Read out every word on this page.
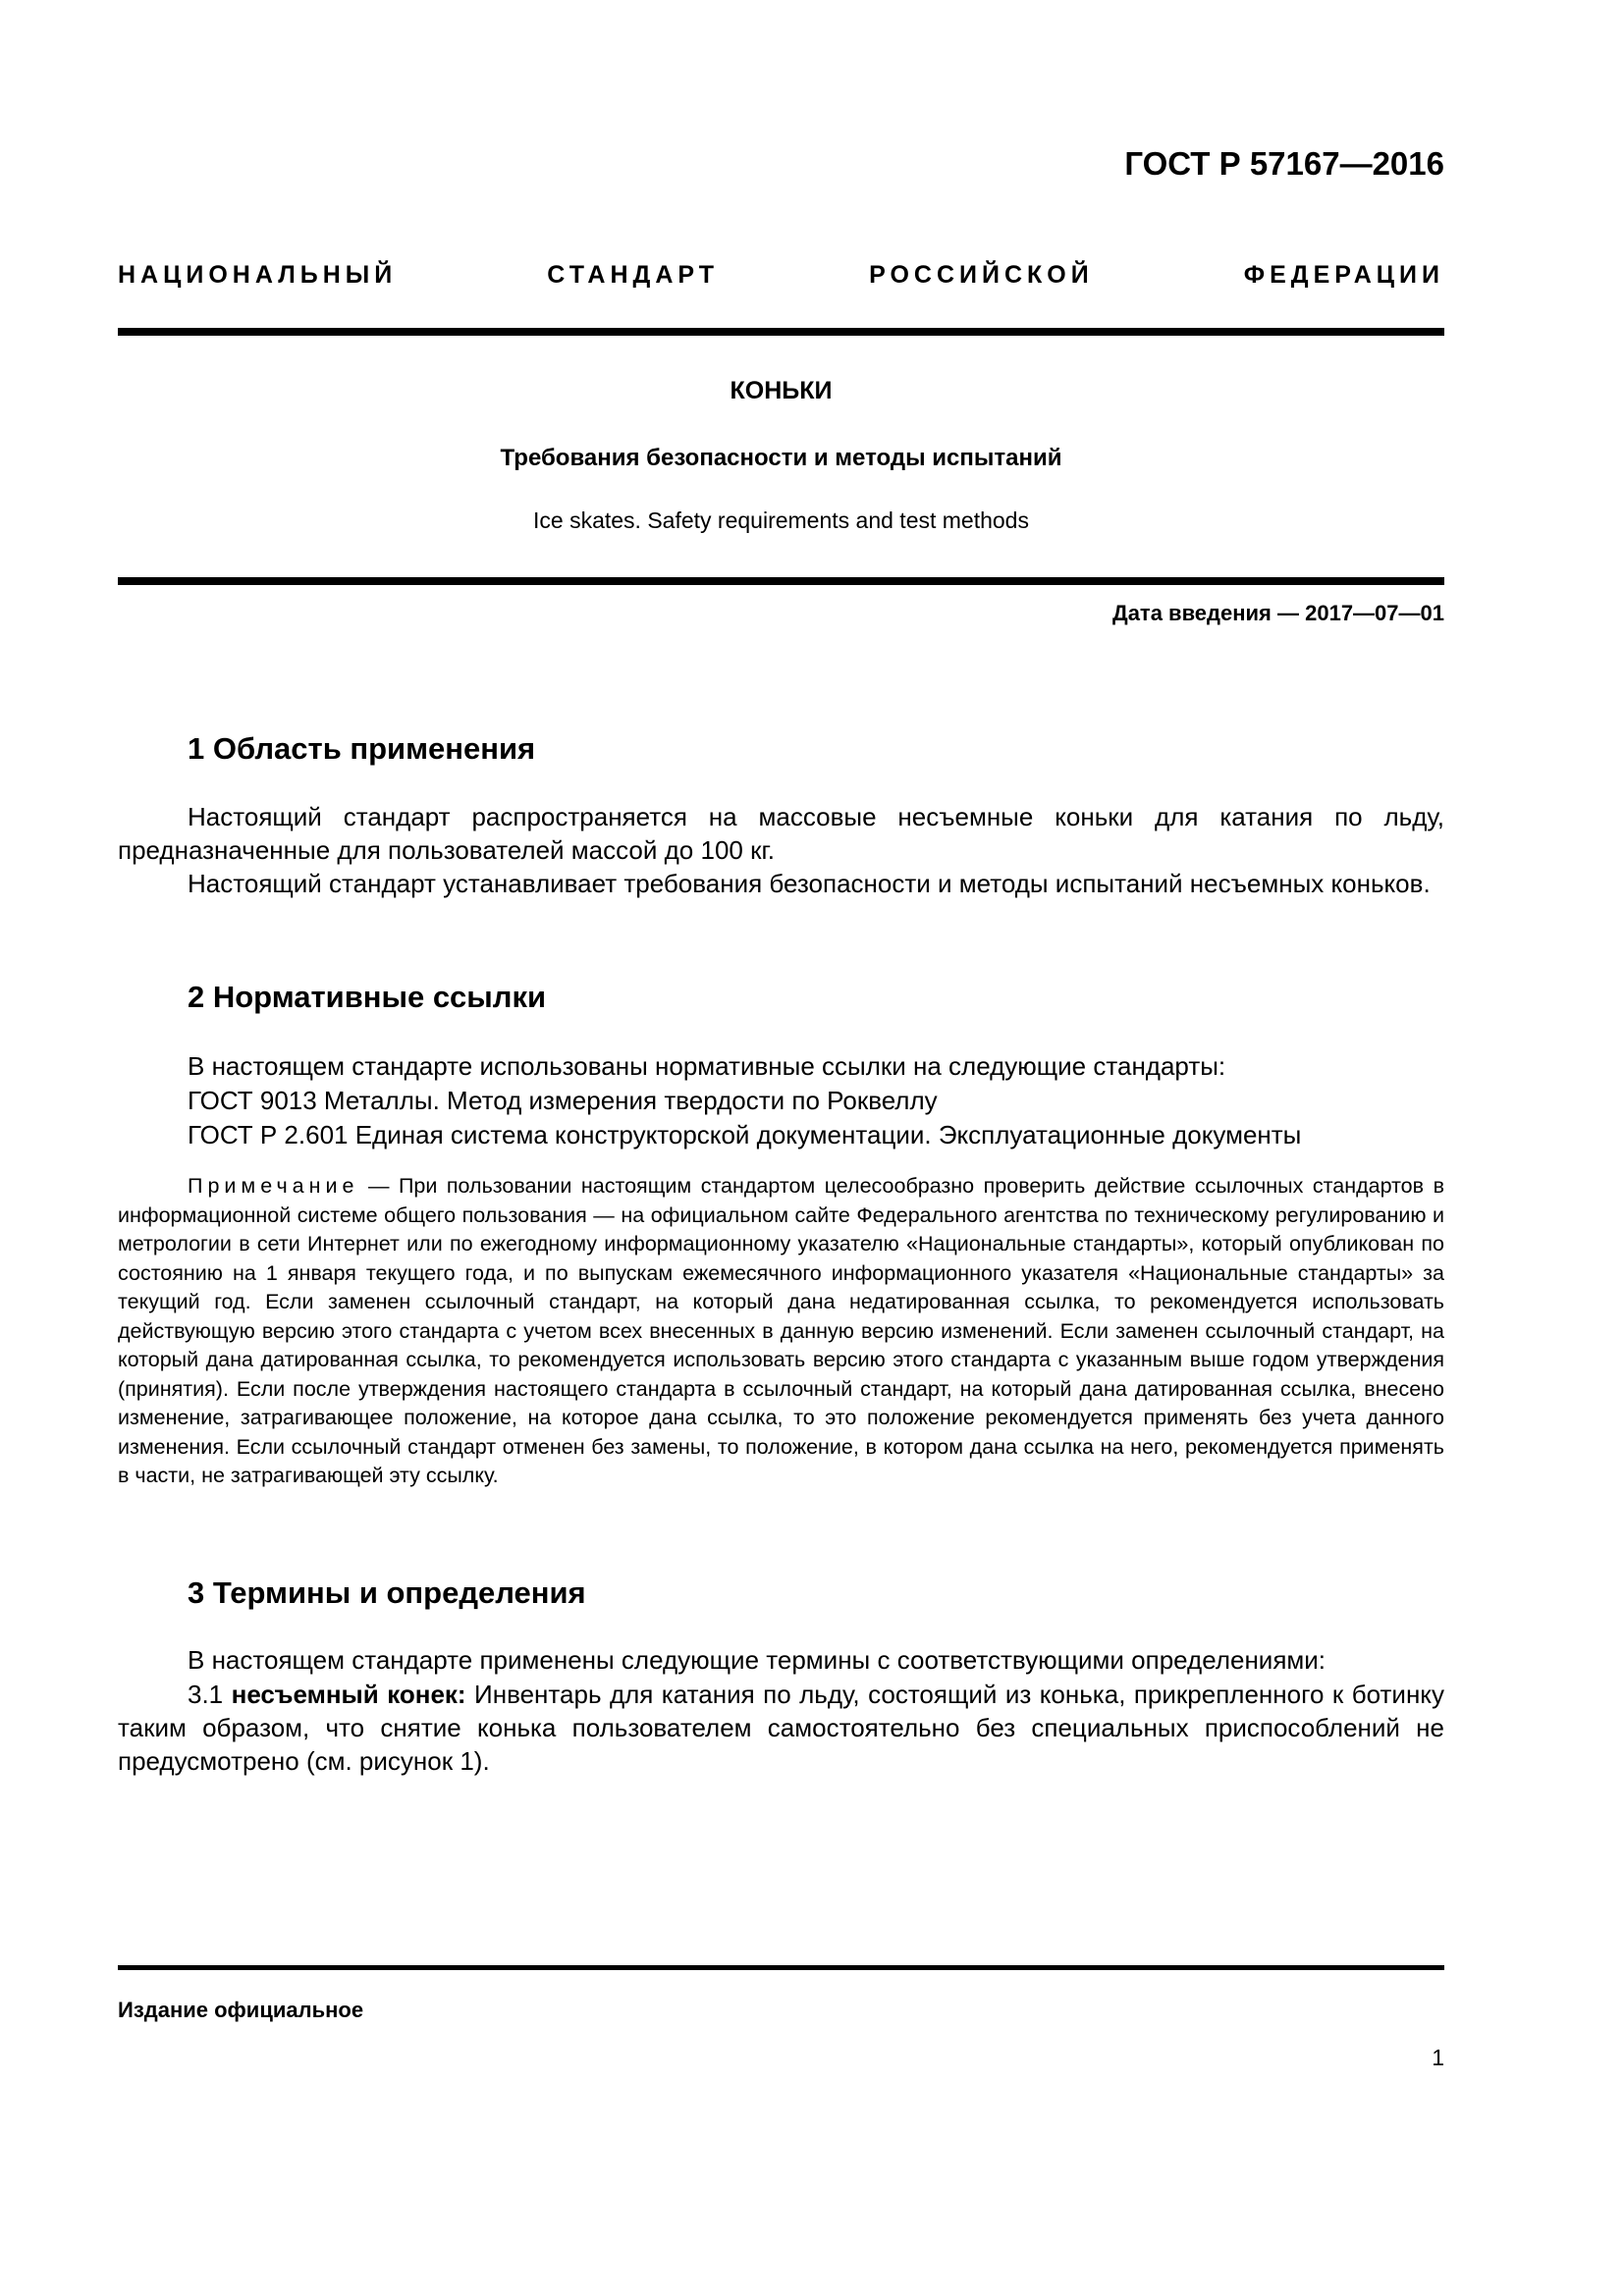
ГОСТ Р 57167—2016
НАЦИОНАЛЬНЫЙ СТАНДАРТ РОССИЙСКОЙ ФЕДЕРАЦИИ
КОНЬКИ
Требования безопасности и методы испытаний
Ice skates. Safety requirements and test methods
Дата введения — 2017—07—01
1 Область применения
Настоящий стандарт распространяется на массовые несъемные коньки для катания по льду, предназначенные для пользователей массой до 100 кг.
Настоящий стандарт устанавливает требования безопасности и методы испытаний несъемных коньков.
2 Нормативные ссылки
В настоящем стандарте использованы нормативные ссылки на следующие стандарты:
ГОСТ 9013 Металлы. Метод измерения твердости по Роквеллу
ГОСТ Р 2.601 Единая система конструкторской документации. Эксплуатационные документы
Примечание — При пользовании настоящим стандартом целесообразно проверить действие ссылочных стандартов в информационной системе общего пользования — на официальном сайте Федерального агентства по техническому регулированию и метрологии в сети Интернет или по ежегодному информационному указателю «Национальные стандарты», который опубликован по состоянию на 1 января текущего года, и по выпускам ежемесячного информационного указателя «Национальные стандарты» за текущий год. Если заменен ссылочный стандарт, на который дана недатированная ссылка, то рекомендуется использовать действующую версию этого стандарта с учетом всех внесенных в данную версию изменений. Если заменен ссылочный стандарт, на который дана датированная ссылка, то рекомендуется использовать версию этого стандарта с указанным выше годом утверждения (принятия). Если после утверждения настоящего стандарта в ссылочный стандарт, на который дана датированная ссылка, внесено изменение, затрагивающее положение, на которое дана ссылка, то это положение рекомендуется применять без учета данного изменения. Если ссылочный стандарт отменен без замены, то положение, в котором дана ссылка на него, рекомендуется применять в части, не затрагивающей эту ссылку.
3 Термины и определения
В настоящем стандарте применены следующие термины с соответствующими определениями:
3.1 несъемный конек: Инвентарь для катания по льду, состоящий из конька, прикрепленного к ботинку таким образом, что снятие конька пользователем самостоятельно без специальных приспособлений не предусмотрено (см. рисунок 1).
Издание официальное
1
